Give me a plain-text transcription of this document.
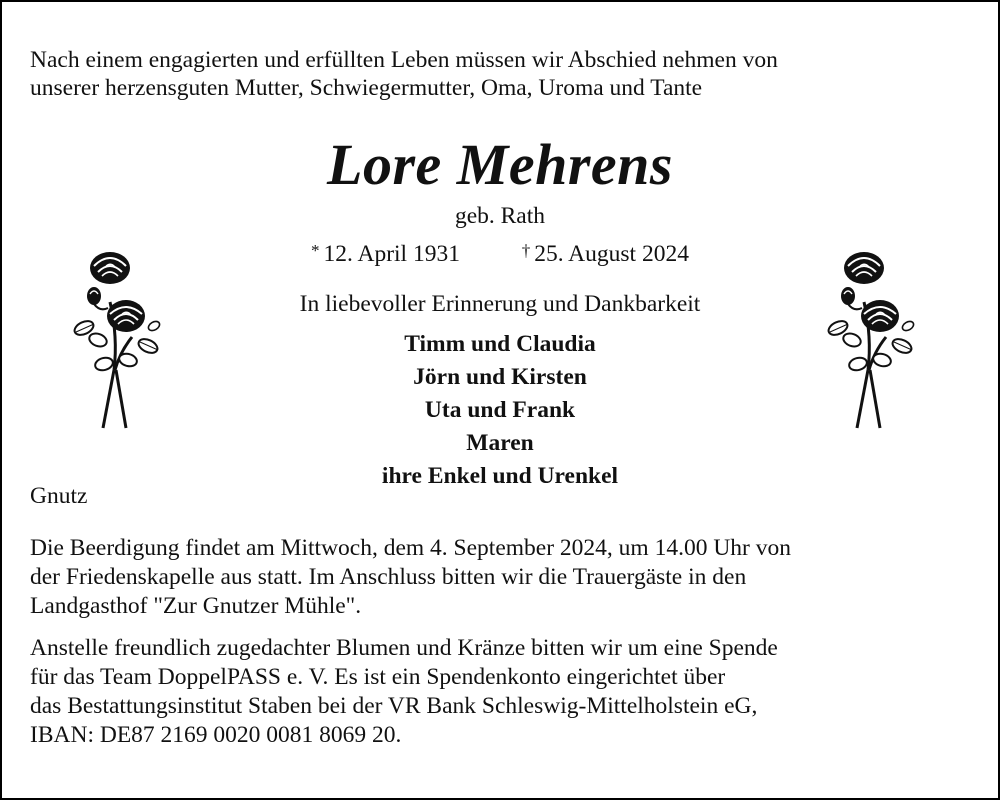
Nach einem engagierten und erfüllten Leben müssen wir Abschied nehmen von
unserer herzensguten Mutter, Schwiegermutter, Oma, Uroma und Tante

Lore Mehrens
geb. Rath
* 12. April 1931	† 25. August 2024
In liebevoller Erinnerung und Dankbarkeit
Timm und Claudia
Jörn und Kirsten
Uta und Frank
Maren
ihre Enkel und Urenkel
Gnutz

Die Beerdigung findet am Mittwoch, dem 4. September 2024, um 14.00 Uhr von
der Friedenskapelle aus statt. Im Anschluss bitten wir die Trauergäste in den
Landgasthof "Zur Gnutzer Mühle".

Anstelle freundlich zugedachter Blumen und Kränze bitten wir um eine Spende
für das Team DoppelPASS e. V. Es ist ein Spendenkonto eingerichtet über
das Bestattungsinstitut Staben bei der VR Bank Schleswig-Mittelholstein eG,
IBAN: DE87 2169 0020 0081 8069 20.
